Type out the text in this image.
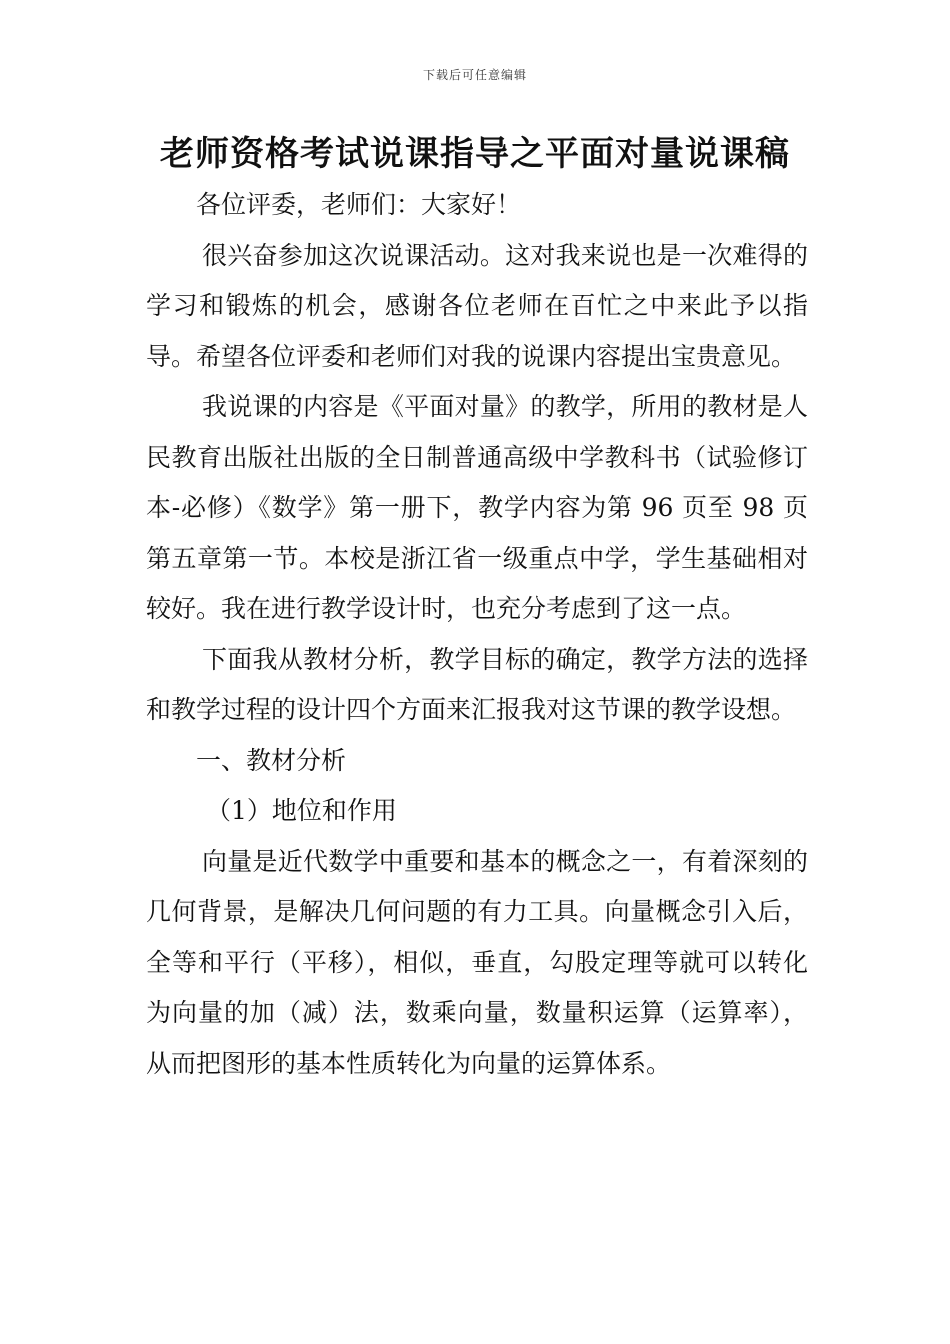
下载后可任意编辑
老师资格考试说课指导之平面对量说课稿

各位评委，老师们：大家好！

很兴奋参加这次说课活动。这对我来说也是一次难得的学习和锻炼的机会，感谢各位老师在百忙之中来此予以指导。希望各位评委和老师们对我的说课内容提出宝贵意见。

我说课的内容是《平面对量》的教学，所用的教材是人民教育出版社出版的全日制普通高级中学教科书（试验修订本-必修）《数学》第一册下，教学内容为第 96 页至 98 页第五章第一节。本校是浙江省一级重点中学，学生基础相对较好。我在进行教学设计时，也充分考虑到了这一点。

下面我从教材分析，教学目标的确定，教学方法的选择和教学过程的设计四个方面来汇报我对这节课的教学设想。

一、教材分析

（1）地位和作用

向量是近代数学中重要和基本的概念之一，有着深刻的几何背景，是解决几何问题的有力工具。向量概念引入后，全等和平行（平移），相似，垂直，勾股定理等就可以转化为向量的加（减）法，数乘向量，数量积运算（运算率），从而把图形的基本性质转化为向量的运算体系。
